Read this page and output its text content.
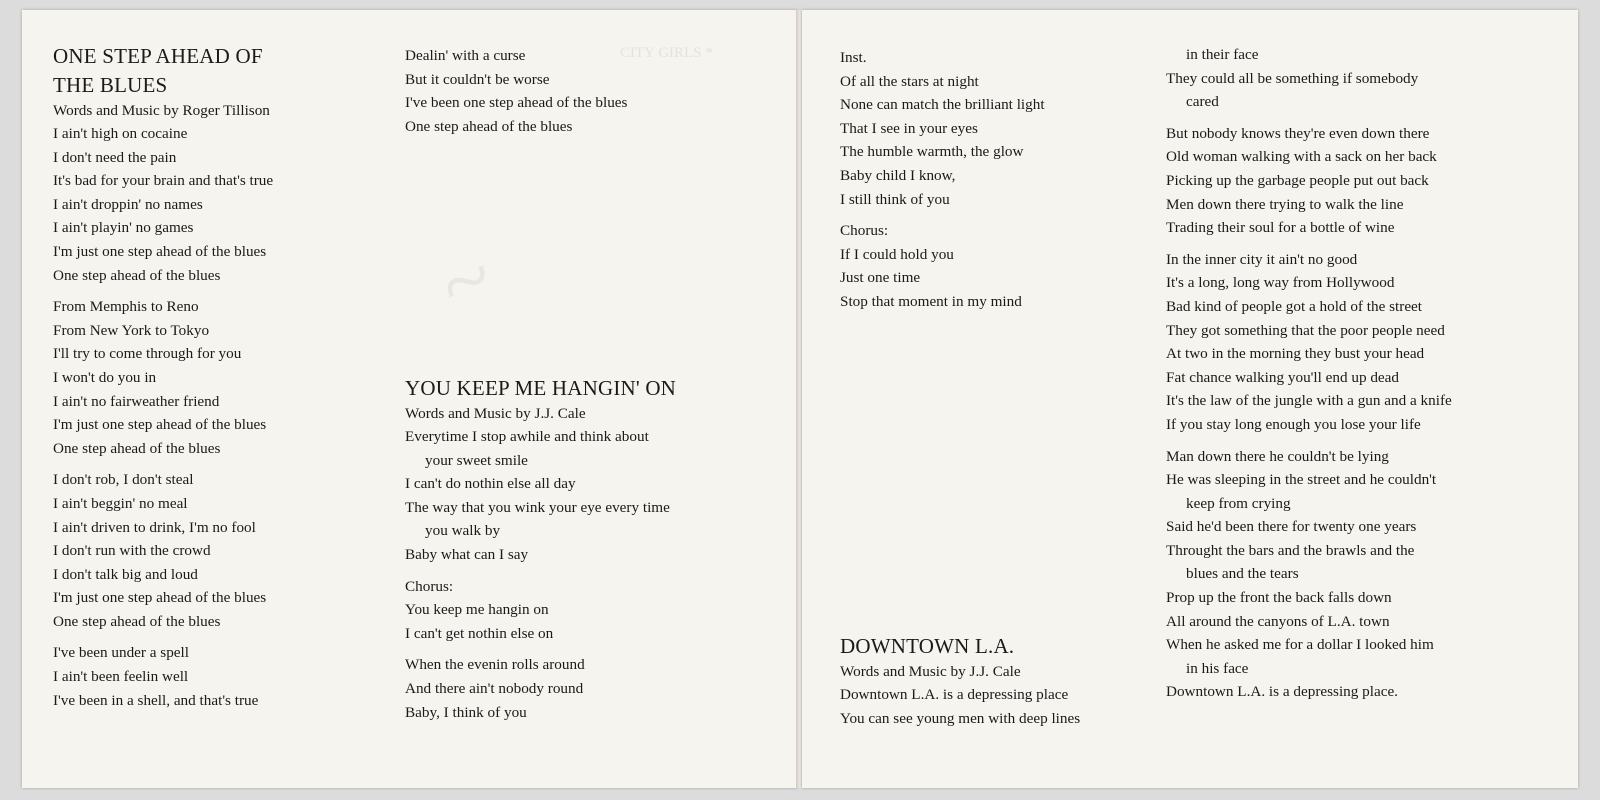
CITY GIRLS *
~
ONE STEP AHEAD OF
THE BLUES

Words and Music by Roger Tillison

I ain't high on cocaine

I don't need the pain

It's bad for your brain and that's true

I ain't droppin' no names

I ain't playin' no games

I'm just one step ahead of the blues

One step ahead of the blues

From Memphis to Reno

From New York to Tokyo

I'll try to come through for you

I won't do you in

I ain't no fairweather friend

I'm just one step ahead of the blues

One step ahead of the blues

I don't rob, I don't steal

I ain't beggin' no meal

I ain't driven to drink, I'm no fool

I don't run with the crowd

I don't talk big and loud

I'm just one step ahead of the blues

One step ahead of the blues

I've been under a spell

I ain't been feelin well

I've been in a shell, and that's true

Dealin' with a curse

But it couldn't be worse

I've been one step ahead of the blues

One step ahead of the blues

YOU KEEP ME HANGIN' ON

Words and Music by J.J. Cale

Everytime I stop awhile and think about

your sweet smile

I can't do nothin else all day

The way that you wink your eye every time

you walk by

Baby what can I say

Chorus:

You keep me hangin on

I can't get nothin else on

When the evenin rolls around

And there ain't nobody round

Baby, I think of you

Inst.

Of all the stars at night

None can match the brilliant light

That I see in your eyes

The humble warmth, the glow

Baby child I know,

I still think of you

Chorus:

If I could hold you

Just one time

Stop that moment in my mind

DOWNTOWN L.A.

Words and Music by J.J. Cale

Downtown L.A. is a depressing place

You can see young men with deep lines

in their face

They could all be something if somebody

cared

But nobody knows they're even down there

Old woman walking with a sack on her back

Picking up the garbage people put out back

Men down there trying to walk the line

Trading their soul for a bottle of wine

In the inner city it ain't no good

It's a long, long way from Hollywood

Bad kind of people got a hold of the street

They got something that the poor people need

At two in the morning they bust your head

Fat chance walking you'll end up dead

It's the law of the jungle with a gun and a knife

If you stay long enough you lose your life

Man down there he couldn't be lying

He was sleeping in the street and he couldn't

keep from crying

Said he'd been there for twenty one years

Throught the bars and the brawls and the

blues and the tears

Prop up the front the back falls down

All around the canyons of L.A. town

When he asked me for a dollar I looked him

in his face

Downtown L.A. is a depressing place.
